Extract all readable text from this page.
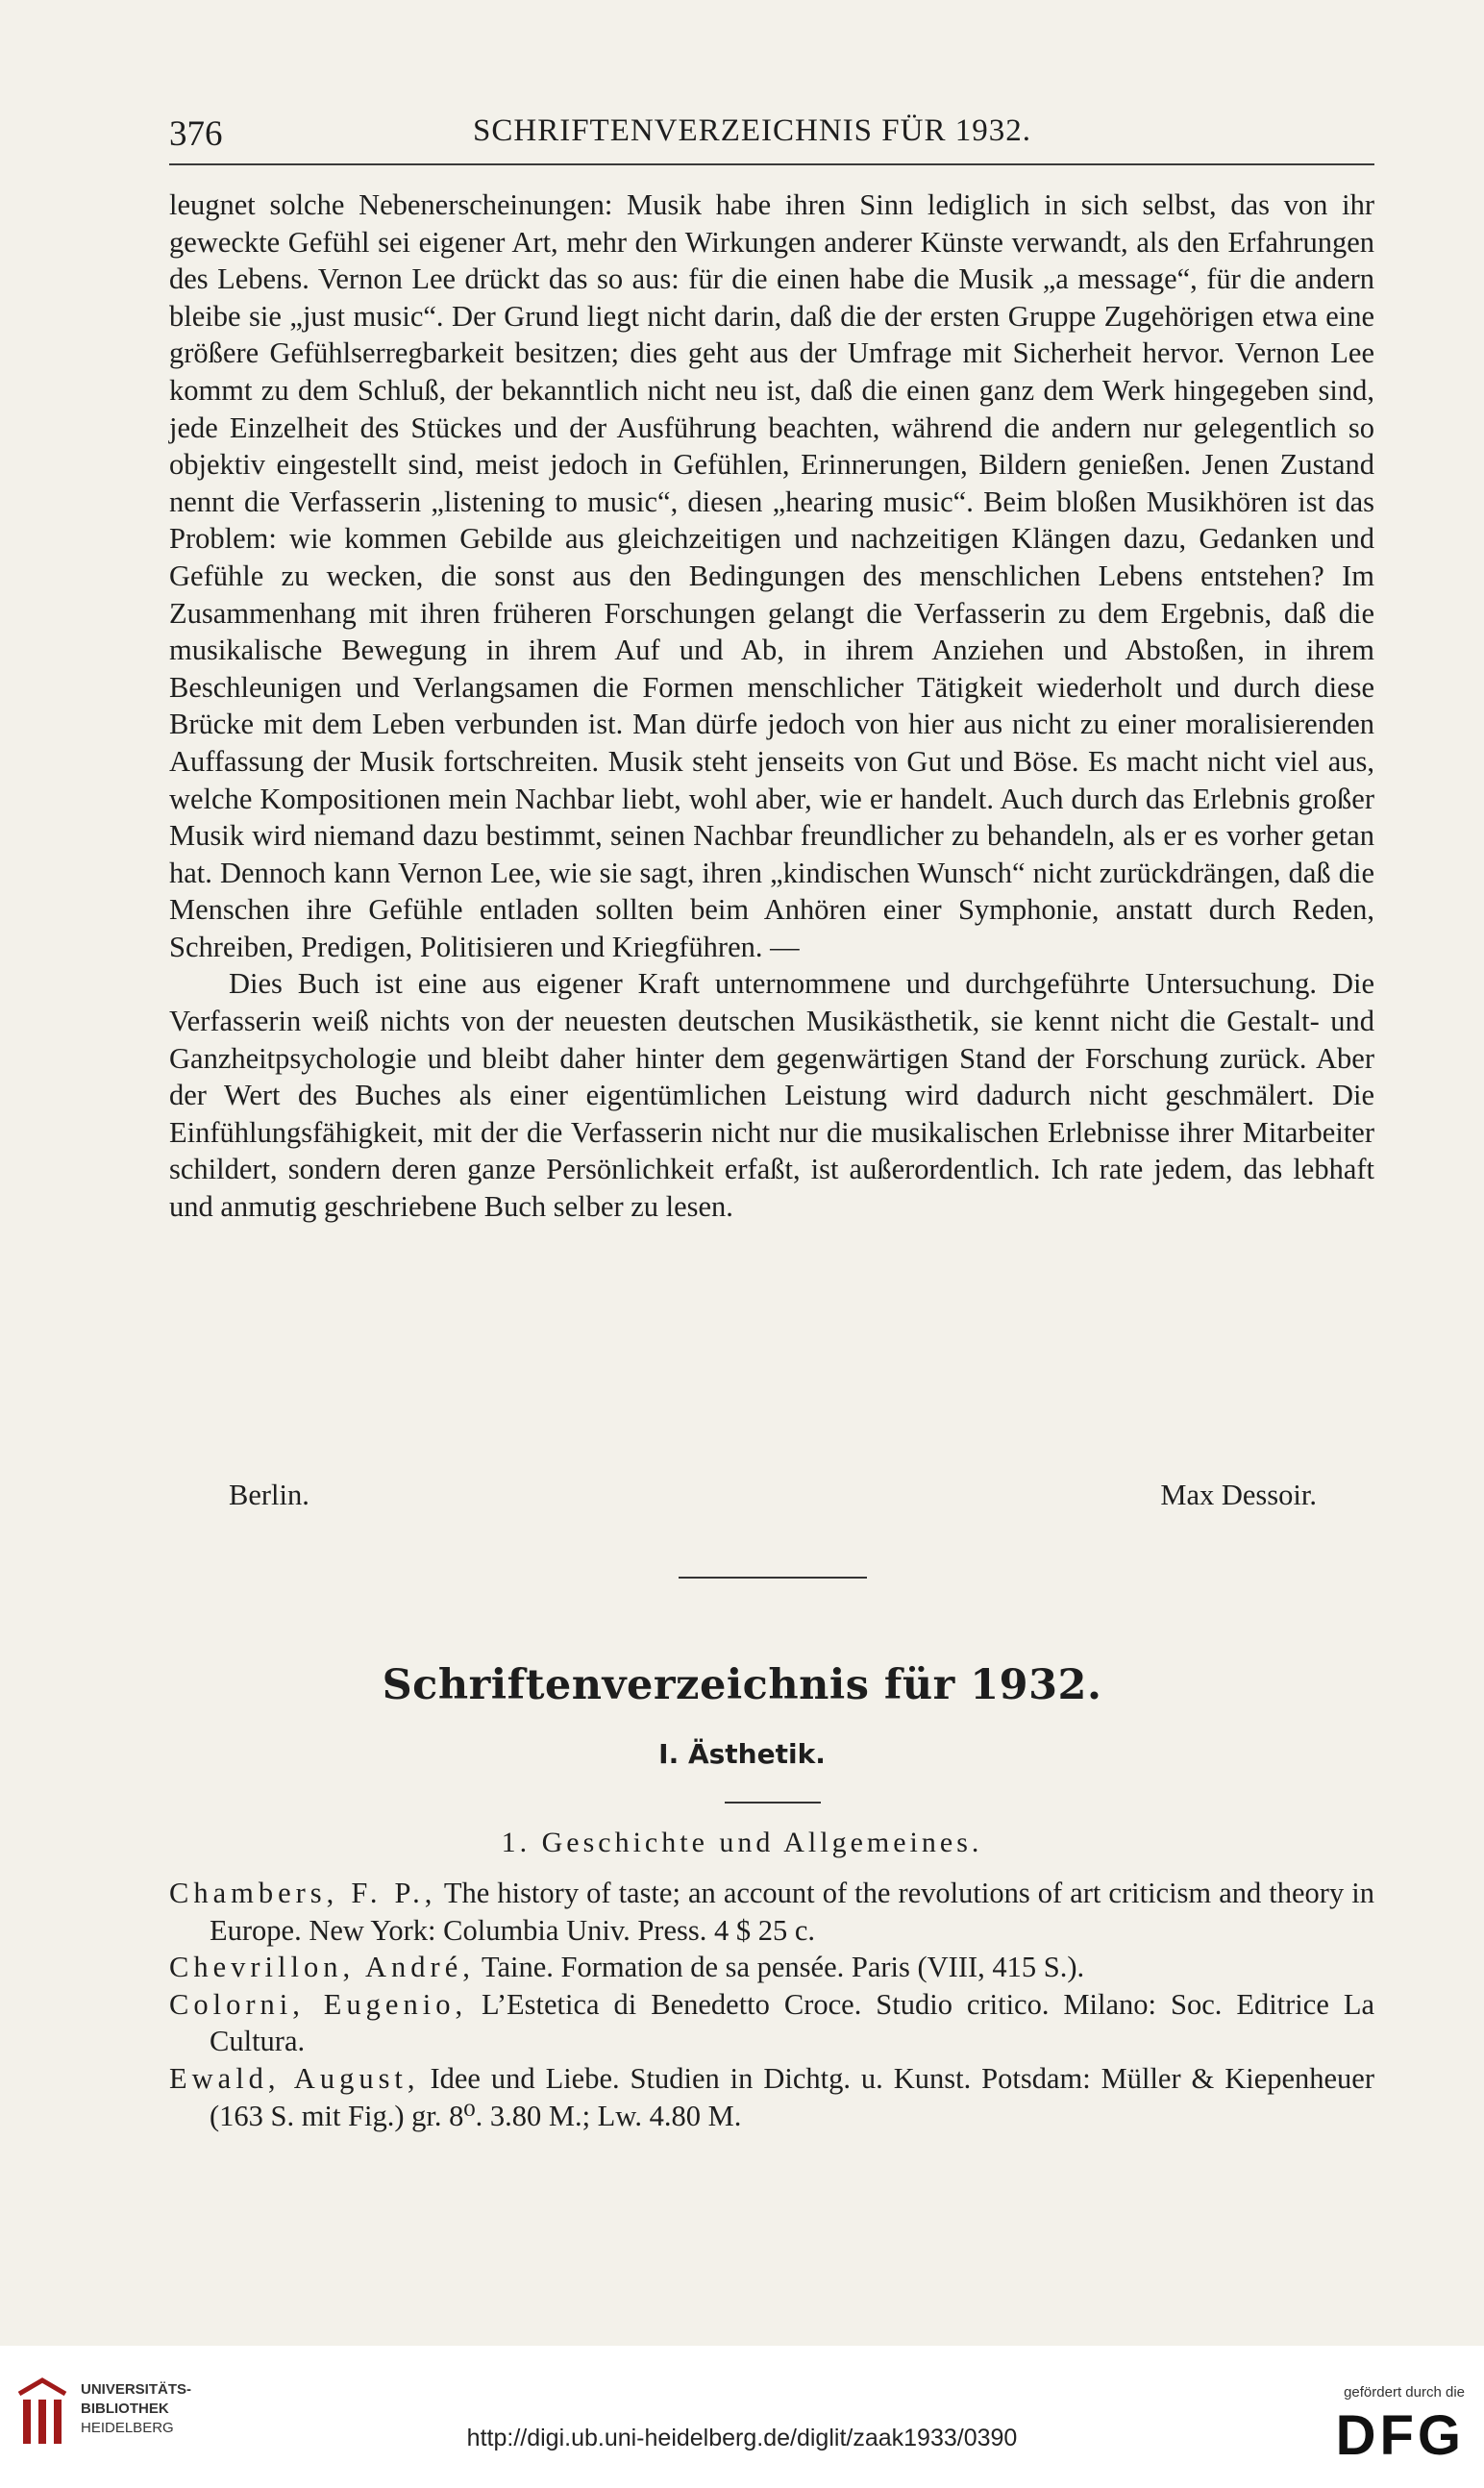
376	SCHRIFTENVERZEICHNIS FÜR 1932.

leugnet solche Nebenerscheinungen: Musik habe ihren Sinn lediglich in sich selbst, das von ihr geweckte Gefühl sei eigener Art, mehr den Wirkungen anderer Künste verwandt, als den Erfahrungen des Lebens. Vernon Lee drückt das so aus: für die einen habe die Musik „a message“, für die andern bleibe sie „just music“. Der Grund liegt nicht darin, daß die der ersten Gruppe Zugehörigen etwa eine größere Gefühlserregbarkeit besitzen; dies geht aus der Umfrage mit Sicherheit hervor. Vernon Lee kommt zu dem Schluß, der bekanntlich nicht neu ist, daß die einen ganz dem Werk hingegeben sind, jede Einzelheit des Stückes und der Ausführung beachten, während die andern nur gelegentlich so objektiv eingestellt sind, meist jedoch in Gefühlen, Erinnerungen, Bildern genießen. Jenen Zustand nennt die Verfasserin „listening to music“, diesen „hearing music“. Beim bloßen Musikhören ist das Problem: wie kommen Gebilde aus gleichzeitigen und nachzeitigen Klängen dazu, Gedanken und Gefühle zu wecken, die sonst aus den Bedingungen des menschlichen Lebens entstehen? Im Zusammenhang mit ihren früheren Forschungen gelangt die Verfasserin zu dem Ergebnis, daß die musikalische Bewegung in ihrem Auf und Ab, in ihrem Anziehen und Abstoßen, in ihrem Beschleunigen und Verlangsamen die Formen menschlicher Tätigkeit wiederholt und durch diese Brücke mit dem Leben verbunden ist. Man dürfe jedoch von hier aus nicht zu einer moralisierenden Auffassung der Musik fortschreiten. Musik steht jenseits von Gut und Böse. Es macht nicht viel aus, welche Kompositionen mein Nachbar liebt, wohl aber, wie er handelt. Auch durch das Erlebnis großer Musik wird niemand dazu bestimmt, seinen Nachbar freundlicher zu behandeln, als er es vorher getan hat. Dennoch kann Vernon Lee, wie sie sagt, ihren „kindischen Wunsch“ nicht zurückdrängen, daß die Menschen ihre Gefühle entladen sollten beim Anhören einer Symphonie, anstatt durch Reden, Schreiben, Predigen, Politisieren und Kriegführen. —

Dies Buch ist eine aus eigener Kraft unternommene und durchgeführte Untersuchung. Die Verfasserin weiß nichts von der neuesten deutschen Musikästhetik, sie kennt nicht die Gestalt- und Ganzheitpsychologie und bleibt daher hinter dem gegenwärtigen Stand der Forschung zurück. Aber der Wert des Buches als einer eigentümlichen Leistung wird dadurch nicht geschmälert. Die Einfühlungsfähigkeit, mit der die Verfasserin nicht nur die musikalischen Erlebnisse ihrer Mitarbeiter schildert, sondern deren ganze Persönlichkeit erfaßt, ist außerordentlich. Ich rate jedem, das lebhaft und anmutig geschriebene Buch selber zu lesen.

Berlin.	Max Dessoir.
Schriftenverzeichnis für 1932.
I. Ästhetik.
1. Geschichte und Allgemeines.

Chambers, F. P., The history of taste; an account of the revolutions of art criticism and theory in Europe. New York: Columbia Univ. Press. 4 $ 25 c.

Chevrillon, André, Taine. Formation de sa pensée. Paris (VIII, 415 S.).

Colorni, Eugenio, L’Estetica di Benedetto Croce. Studio critico. Milano: Soc. Editrice La Cultura.

Ewald, August, Idee und Liebe. Studien in Dichtg. u. Kunst. Potsdam: Müller & Kiepenheuer (163 S. mit Fig.) gr. 8⁰. 3.80 M.; Lw. 4.80 M.

UNIVERSITÄTS-
BIBLIOTHEK
HEIDELBERG	http://digi.ub.uni-heidelberg.de/diglit/zaak1933/0390
gefördert durch die
DFG
